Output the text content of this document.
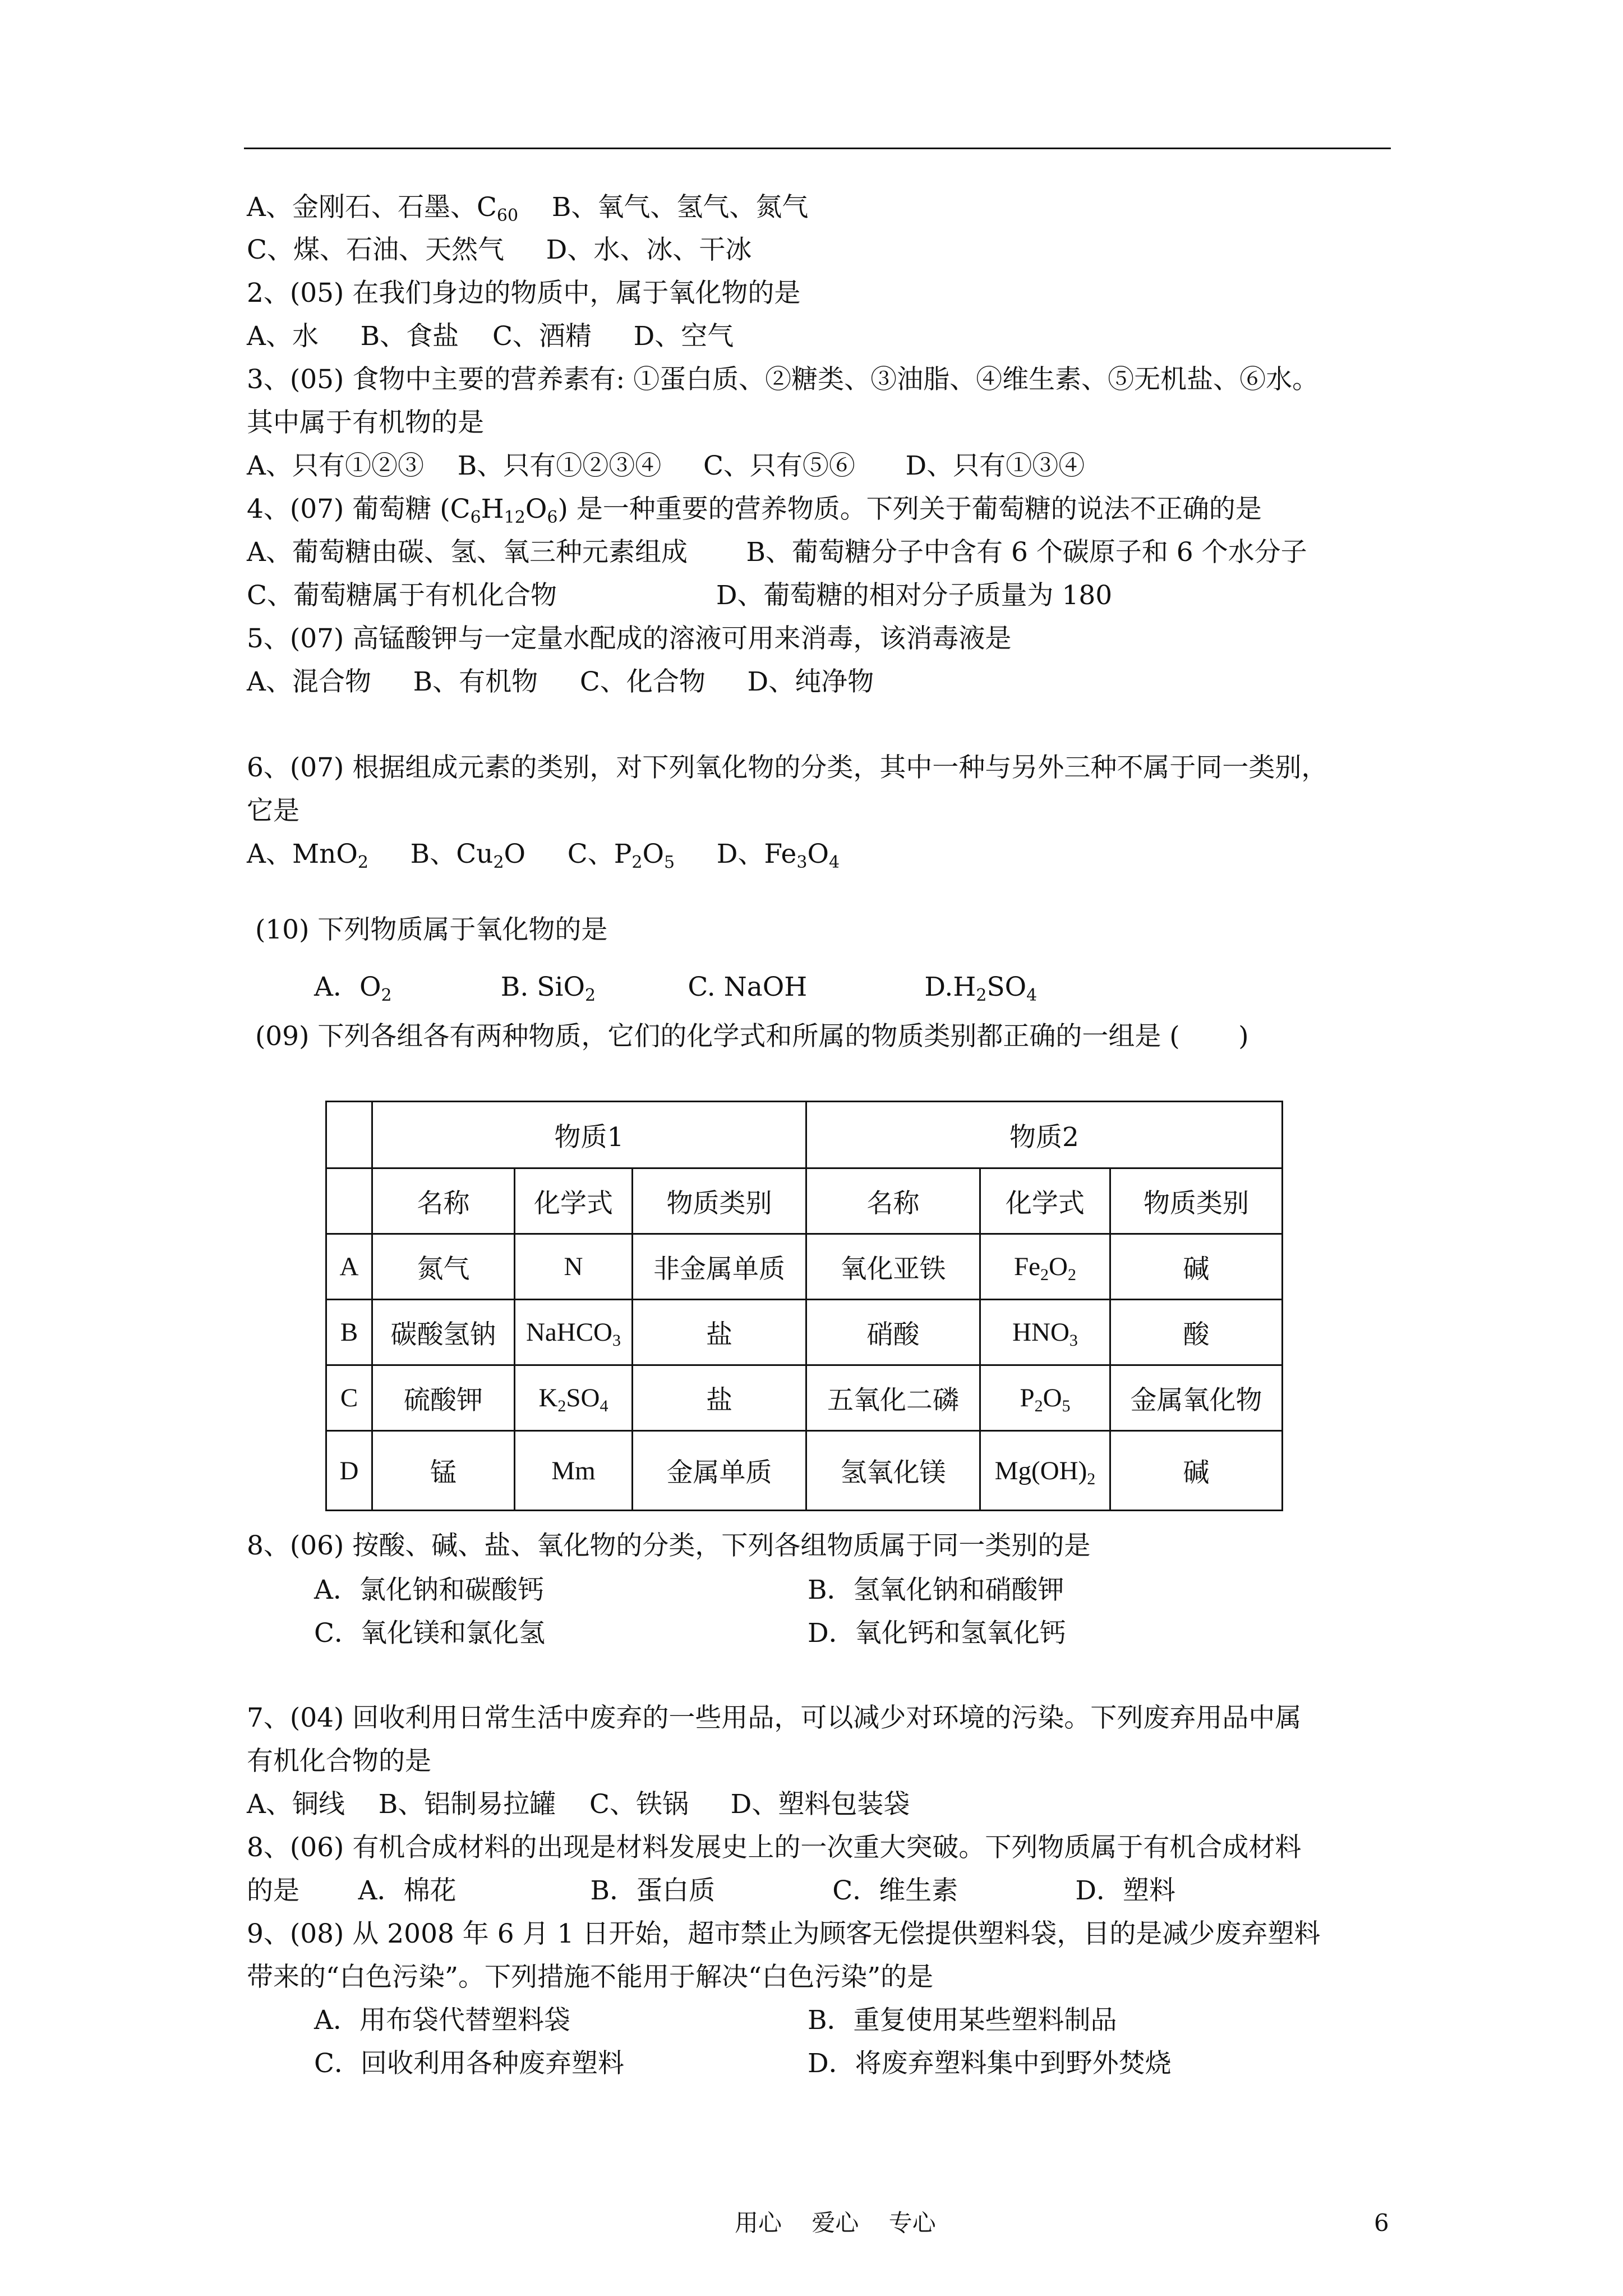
A、金刚石、石墨、$C_{60}$    B、氧气、氢气、氮气
C、煤、石油、天然气     D、水、冰、干冰
2、(05) 在我们身边的物质中，属于氧化物的是
A、水     B、食盐    C、酒精     D、空气
3、(05) 食物中主要的营养素有: ①蛋白质、②糖类、③油脂、④维生素、⑤无机盐、⑥水。
其中属于有机物的是
A、只有①②③    B、只有①②③④     C、只有⑤⑥      D、只有①③④
4、(07) 葡萄糖 $(C_6H_{12}O_6)$ 是一种重要的营养物质。下列关于葡萄糖的说法不正确的是
A、葡萄糖由碳、氢、氧三种元素组成       B、葡萄糖分子中含有 6 个碳原子和 6 个水分子
C、葡萄糖属于有机化合物                   D、葡萄糖的相对分子质量为 180
5、(07) 高锰酸钾与一定量水配成的溶液可用来消毒，该消毒液是
A、混合物     B、有机物     C、化合物     D、纯净物
6、(07) 根据组成元素的类别，对下列氧化物的分类，其中一种与另外三种不属于同一类别，
它是
A、MnO$_2$     B、$Cu_2O$     C、$P_2O_5$     D、$Fe_3O_4$
(10) 下列物质属于氧化物的是
A．$O_2$             B. SiO$_2$           C. NaOH              $D.H_2SO_4$
(09) 下列各组各有两种物质，它们的化学式和所属的物质类别都正确的一组是 (       )
	物质1			物质2		
	名称	化学式	物质类别	名称	化学式	物质类别
A	氮气	N	非金属单质	氧化亚铁	$Fe_2O_2$	碱
B	碳酸氢钠	NaHCO$_3$	盐	硝酸	$HNO_3$	酸
C	硫酸钾	$K_2SO_4$	盐	五氧化二磷	$P_2O_5$	金属氧化物
D	锰	Mm	金属单质	氢氧化镁	$Mg(OH)_2$	碱
8、(06) 按酸、碱、盐、氧化物的分类，下列各组物质属于同一类别的是
A．氯化钠和碳酸钙	B．氢氧化钠和硝酸钾
C．氧化镁和氯化氢	D．氧化钙和氢氧化钙
7、(04) 回收利用日常生活中废弃的一些用品，可以减少对环境的污染。下列废弃用品中属
有机化合物的是
A、铜线    B、铝制易拉罐    C、铁锅     D、塑料包装袋
8、(06) 有机合成材料的出现是材料发展史上的一次重大突破。下列物质属于有机合成材料
的是       A．棉花                B．蛋白质              C．维生素              D．塑料
9、(08) 从 2008 年 6 月 1 日开始，超市禁止为顾客无偿提供塑料袋，目的是减少废弃塑料
带来的“白色污染”。下列措施不能用于解决“白色污染”的是
A．用布袋代替塑料袋	B．重复使用某些塑料制品
C．回收利用各种废弃塑料	D．将废弃塑料集中到野外焚烧
用心    爱心    专心	6
